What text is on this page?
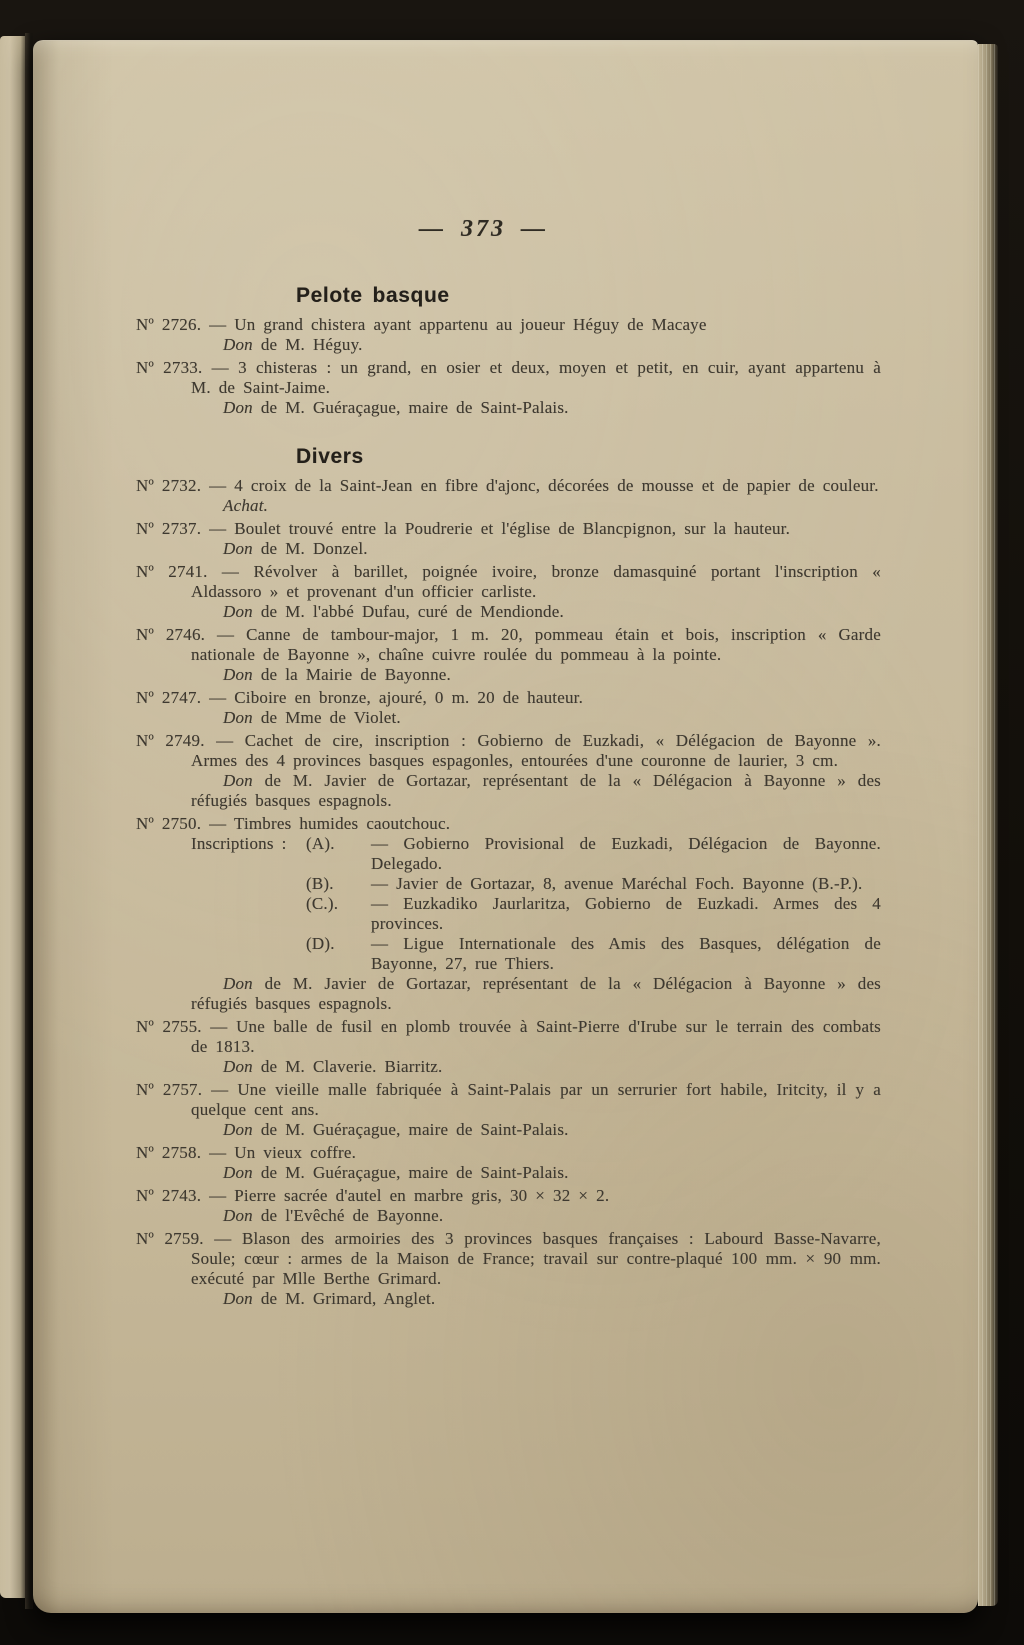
— 373 —
Pelote basque

Nº 2726. — Un grand chistera ayant appartenu au joueur Héguy de Macaye

Don de M. Héguy.

Nº 2733. — 3 chisteras : un grand, en osier et deux, moyen et petit, en cuir, ayant appartenu à M. de Saint-Jaime.

Don de M. Guéraçague, maire de Saint-Palais.

Divers

Nº 2732. — 4 croix de la Saint-Jean en fibre d'ajonc, décorées de mousse et de papier de couleur.

Achat.

Nº 2737. — Boulet trouvé entre la Poudrerie et l'église de Blancpignon, sur la hauteur.

Don de M. Donzel.

Nº 2741. — Révolver à barillet, poignée ivoire, bronze damasquiné portant l'inscription « Aldassoro » et provenant d'un officier carliste.

Don de M. l'abbé Dufau, curé de Mendionde.

Nº 2746. — Canne de tambour-major, 1 m. 20, pommeau étain et bois, inscription « Garde nationale de Bayonne », chaîne cuivre roulée du pommeau à la pointe.

Don de la Mairie de Bayonne.

Nº 2747. — Ciboire en bronze, ajouré, 0 m. 20 de hauteur.

Don de Mme de Violet.

Nº 2749. — Cachet de cire, inscription : Gobierno de Euzkadi, « Délégacion de Bayonne ». Armes des 4 provinces basques espagonles, entourées d'une couronne de laurier, 3 cm.

Don de M. Javier de Gortazar, représentant de la « Délégacion à Bayonne » des réfugiés basques espagnols.

Nº 2750. — Timbres humides caoutchouc.

Inscriptions :	(A).	— Gobierno Provisional de Euzkadi, Délégacion de Bayonne. Delegado.
(B).	— Javier de Gortazar, 8, avenue Maréchal Foch. Bayonne (B.-P.).
(C.).	— Euzkadiko Jaurlaritza, Gobierno de Euzkadi. Armes des 4 provinces.
(D).	— Ligue Internationale des Amis des Basques, délégation de Bayonne, 27, rue Thiers.

Don de M. Javier de Gortazar, représentant de la « Délégacion à Bayonne » des réfugiés basques espagnols.

Nº 2755. — Une balle de fusil en plomb trouvée à Saint-Pierre d'Irube sur le terrain des combats de 1813.

Don de M. Claverie. Biarritz.

Nº 2757. — Une vieille malle fabriquée à Saint-Palais par un serrurier fort habile, Iritcity, il y a quelque cent ans.

Don de M. Guéraçague, maire de Saint-Palais.

Nº 2758. — Un vieux coffre.

Don de M. Guéraçague, maire de Saint-Palais.

Nº 2743. — Pierre sacrée d'autel en marbre gris, 30 × 32 × 2.

Don de l'Evêché de Bayonne.

Nº 2759. — Blason des armoiries des 3 provinces basques françaises : Labourd Basse-Navarre, Soule; cœur : armes de la Maison de France; travail sur contre-plaqué 100 mm. × 90 mm. exécuté par Mlle Berthe Grimard.

Don de M. Grimard, Anglet.
